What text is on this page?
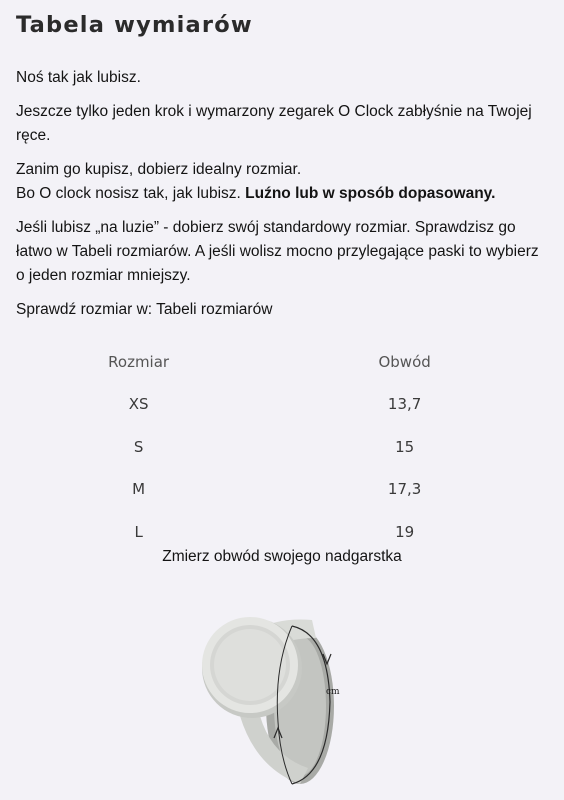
Tabela wymiarów

Noś tak jak lubisz.

Jeszcze tylko jeden krok i wymarzony zegarek O Clock zabłyśnie na Twojej ręce.

Zanim go kupisz, dobierz idealny rozmiar.
Bo O clock nosisz tak, jak lubisz. Luźno lub w sposób dopasowany.

Jeśli lubisz „na luzie” - dobierz swój standardowy rozmiar. Sprawdzisz go łatwo w Tabeli rozmiarów. A jeśli wolisz mocno przylegające paski to wybierz o jeden rozmiar mniejszy.

Sprawdź rozmiar w: Tabeli rozmiarów

Rozmiar	Obwód
XS	13,7
S	15
M	17,3
L	19
Zmierz obwód swojego nadgarstka
cm
